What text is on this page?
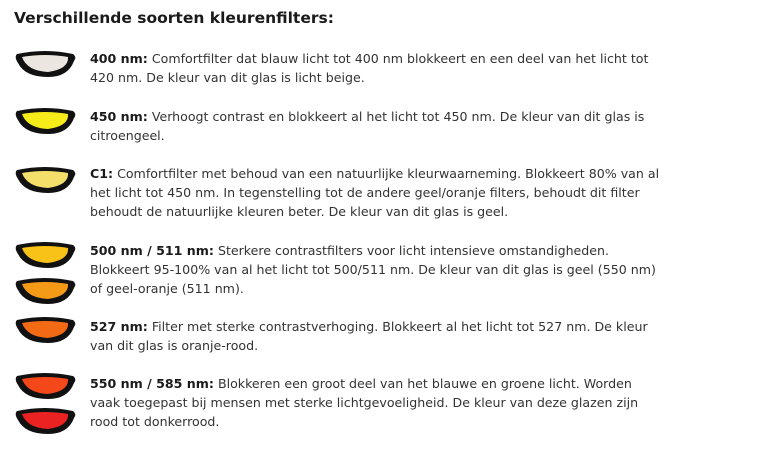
Verschillende soorten kleurenfilters:

400 nm: Comfortfilter dat blauw licht tot 400 nm blokkeert en een deel van het licht tot 420 nm. De kleur van dit glas is licht beige.

450 nm: Verhoogt contrast en blokkeert al het licht tot 450 nm. De kleur van dit glas is citroengeel.

C1: Comfortfilter met behoud van een natuurlijke kleurwaarneming. Blokkeert 80% van al het licht tot 450 nm. In tegenstelling tot de andere geel/oranje filters, behoudt dit filter behoudt de natuurlijke kleuren beter. De kleur van dit glas is geel.

500 nm / 511 nm: Sterkere contrastfilters voor licht intensieve omstandigheden. Blokkeert 95-100% van al het licht tot 500/511 nm. De kleur van dit glas is geel (550 nm) of geel-oranje (511 nm).

527 nm: Filter met sterke contrastverhoging. Blokkeert al het licht tot 527 nm. De kleur van dit glas is oranje-rood.

550 nm / 585 nm: Blokkeren een groot deel van het blauwe en groene licht. Worden vaak toegepast bij mensen met sterke lichtgevoeligheid. De kleur van deze glazen zijn rood tot donkerrood.
